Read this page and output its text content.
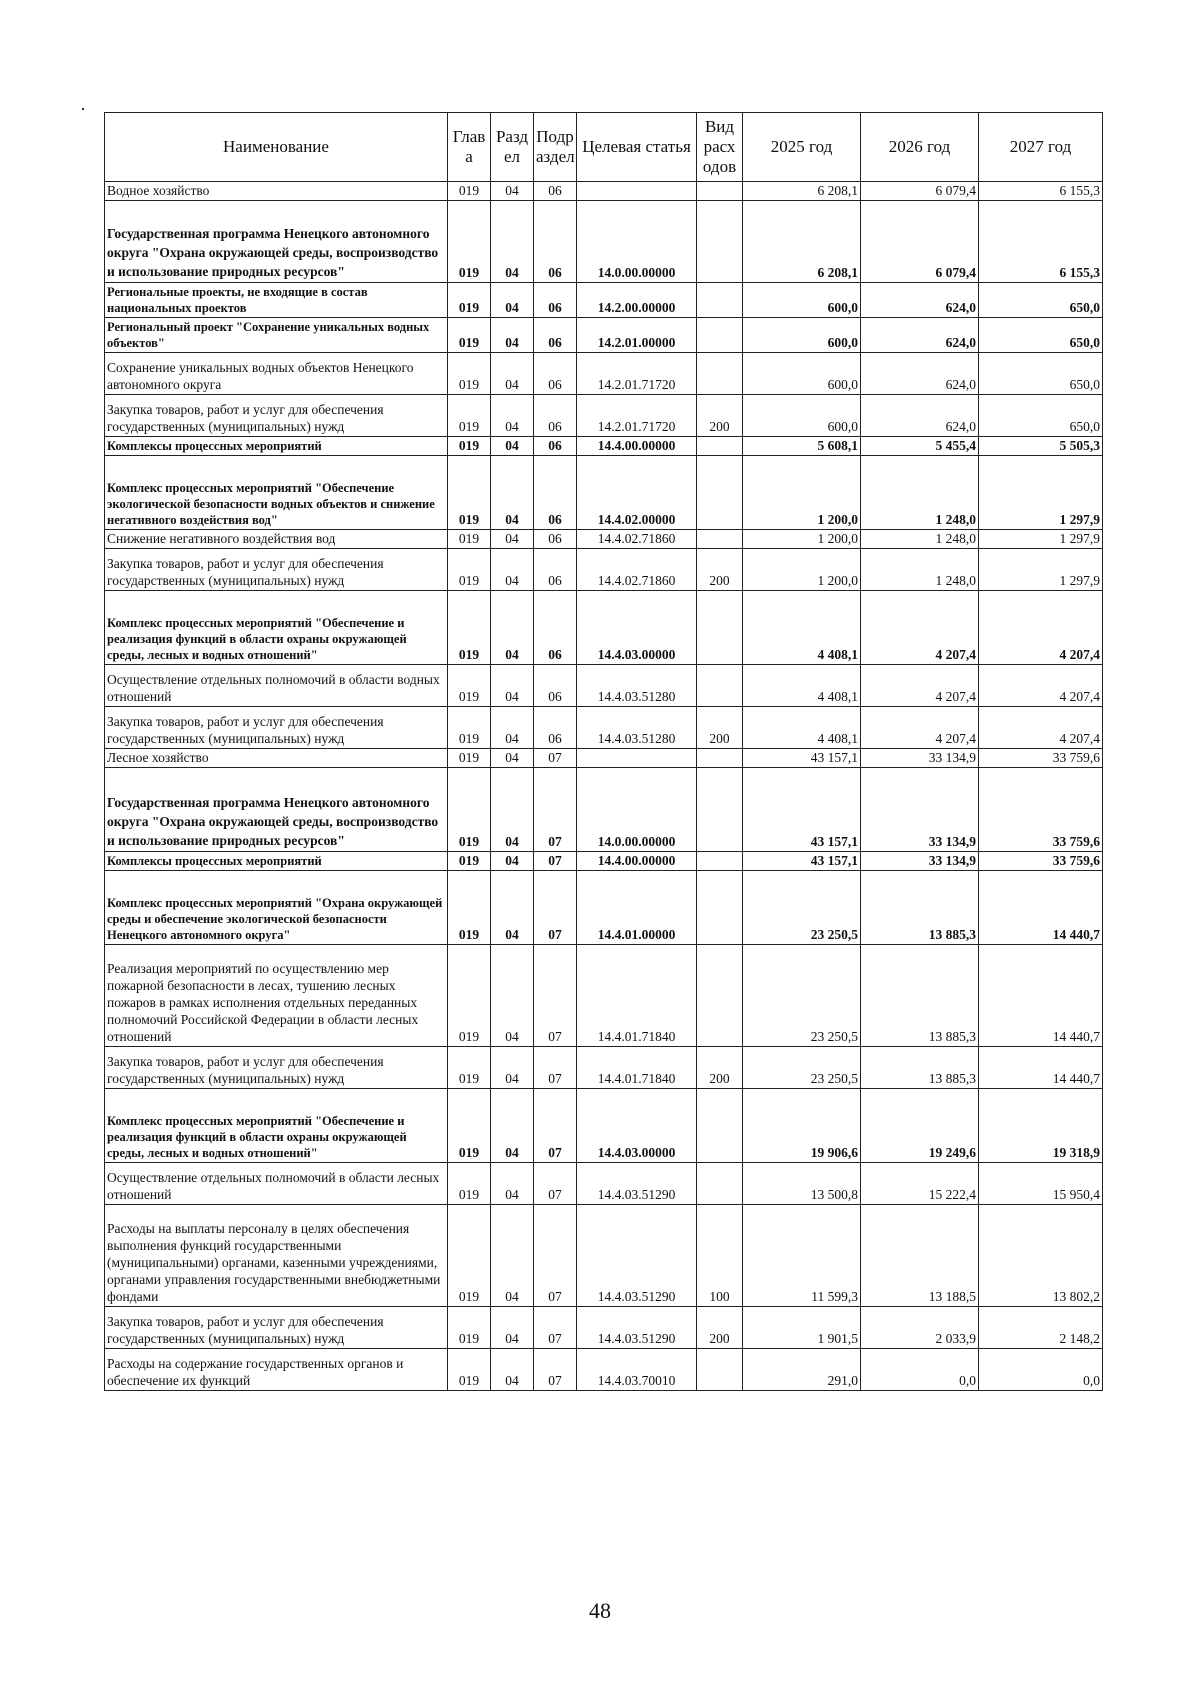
Наименование	Глав а	Разд ел	Подр аздел	Целевая статья	Вид расх одов	2025 год	2026 год	2027 год
Водное хозяйство	019	04	06			6 208,1	6 079,4	6 155,3
Государственная программа Ненецкого автономного округа "Охрана окружающей среды, воспроизводство и использование природных ресурсов"	019	04	06	14.0.00.00000		6 208,1	6 079,4	6 155,3
Региональные проекты, не входящие в состав национальных проектов	019	04	06	14.2.00.00000		600,0	624,0	650,0
Региональный проект "Сохранение уникальных водных объектов"	019	04	06	14.2.01.00000		600,0	624,0	650,0
Сохранение уникальных водных объектов Ненецкого автономного округа	019	04	06	14.2.01.71720		600,0	624,0	650,0
Закупка товаров, работ и услуг для обеспечения государственных (муниципальных) нужд	019	04	06	14.2.01.71720	200	600,0	624,0	650,0
Комплексы процессных мероприятий	019	04	06	14.4.00.00000		5 608,1	5 455,4	5 505,3
Комплекс процессных мероприятий "Обеспечение экологической безопасности водных объектов и снижение негативного воздействия вод"	019	04	06	14.4.02.00000		1 200,0	1 248,0	1 297,9
Снижение негативного воздействия вод	019	04	06	14.4.02.71860		1 200,0	1 248,0	1 297,9
Закупка товаров, работ и услуг для обеспечения государственных (муниципальных) нужд	019	04	06	14.4.02.71860	200	1 200,0	1 248,0	1 297,9
Комплекс процессных мероприятий "Обеспечение и реализация функций в области охраны окружающей среды, лесных и водных отношений"	019	04	06	14.4.03.00000		4 408,1	4 207,4	4 207,4
Осуществление отдельных полномочий в области водных отношений	019	04	06	14.4.03.51280		4 408,1	4 207,4	4 207,4
Закупка товаров, работ и услуг для обеспечения государственных (муниципальных) нужд	019	04	06	14.4.03.51280	200	4 408,1	4 207,4	4 207,4
Лесное хозяйство	019	04	07			43 157,1	33 134,9	33 759,6
Государственная программа Ненецкого автономного округа "Охрана окружающей среды, воспроизводство и использование природных ресурсов"	019	04	07	14.0.00.00000		43 157,1	33 134,9	33 759,6
Комплексы процессных мероприятий	019	04	07	14.4.00.00000		43 157,1	33 134,9	33 759,6
Комплекс процессных мероприятий "Охрана окружающей среды и обеспечение экологической безопасности Ненецкого автономного округа"	019	04	07	14.4.01.00000		23 250,5	13 885,3	14 440,7
Реализация мероприятий по осуществлению мер пожарной безопасности в лесах, тушению лесных пожаров в рамках исполнения отдельных переданных полномочий Российской Федерации в области лесных отношений	019	04	07	14.4.01.71840		23 250,5	13 885,3	14 440,7
Закупка товаров, работ и услуг для обеспечения государственных (муниципальных) нужд	019	04	07	14.4.01.71840	200	23 250,5	13 885,3	14 440,7
Комплекс процессных мероприятий "Обеспечение и реализация функций в области охраны окружающей среды, лесных и водных отношений"	019	04	07	14.4.03.00000		19 906,6	19 249,6	19 318,9
Осуществление отдельных полномочий в области лесных отношений	019	04	07	14.4.03.51290		13 500,8	15 222,4	15 950,4
Расходы на выплаты персоналу в целях обеспечения выполнения функций государственными (муниципальными) органами, казенными учреждениями, органами управления государственными внебюджетными фондами	019	04	07	14.4.03.51290	100	11 599,3	13 188,5	13 802,2
Закупка товаров, работ и услуг для обеспечения государственных (муниципальных) нужд	019	04	07	14.4.03.51290	200	1 901,5	2 033,9	2 148,2
Расходы на содержание государственных органов и обеспечение их функций	019	04	07	14.4.03.70010		291,0	0,0	0,0
48
